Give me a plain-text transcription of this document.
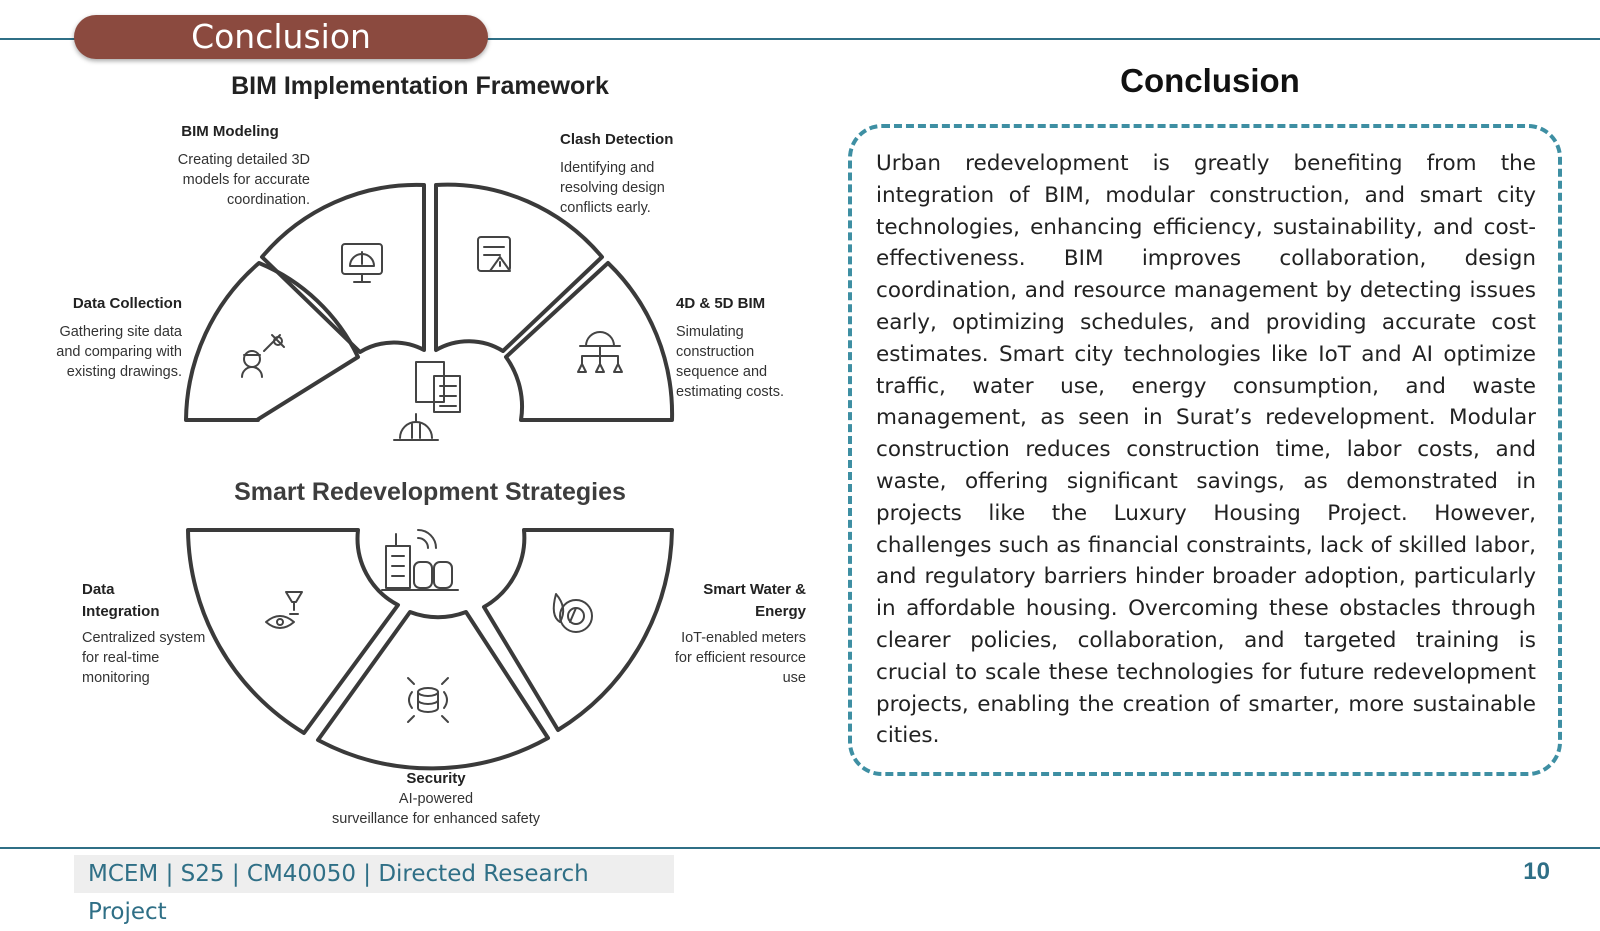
Conclusion
BIM Implementation Framework
Smart Redevelopment Strategies
BIM Modeling
Creating detailed 3D
models for accurate
coordination.
Clash Detection
Identifying and
resolving design
conflicts early.
Data Collection
Gathering site data
and comparing with
existing drawings.
4D & 5D BIM
Simulating
construction
sequence and
estimating costs.
Data
Integration
Centralized system
for real-time
monitoring
Smart Water &
Energy
IoT-enabled meters
for efficient resource
use
Security
AI-powered
surveillance for enhanced safety
Conclusion
Urban redevelopment is greatly benefiting from the integration of BIM, modular construction, and smart city technologies, enhancing efficiency, sustainability, and cost-effectiveness. BIM improves collaboration, design coordination, and resource management by detecting issues early, optimizing schedules, and providing accurate cost estimates. Smart city technologies like IoT and AI optimize traffic, water use, energy consumption, and waste management, as seen in Surat’s redevelopment. Modular construction reduces construction time, labor costs, and waste, offering significant savings, as demonstrated in projects like the Luxury Housing Project. However, challenges such as financial constraints, lack of skilled labor, and regulatory barriers hinder broader adoption, particularly in affordable housing. Overcoming these obstacles through clearer policies, collaboration, and targeted training is crucial to scale these technologies for future redevelopment projects, enabling the creation of smarter, more sustainable cities.
MCEM | S25 | CM40050 | Directed Research Project
10
